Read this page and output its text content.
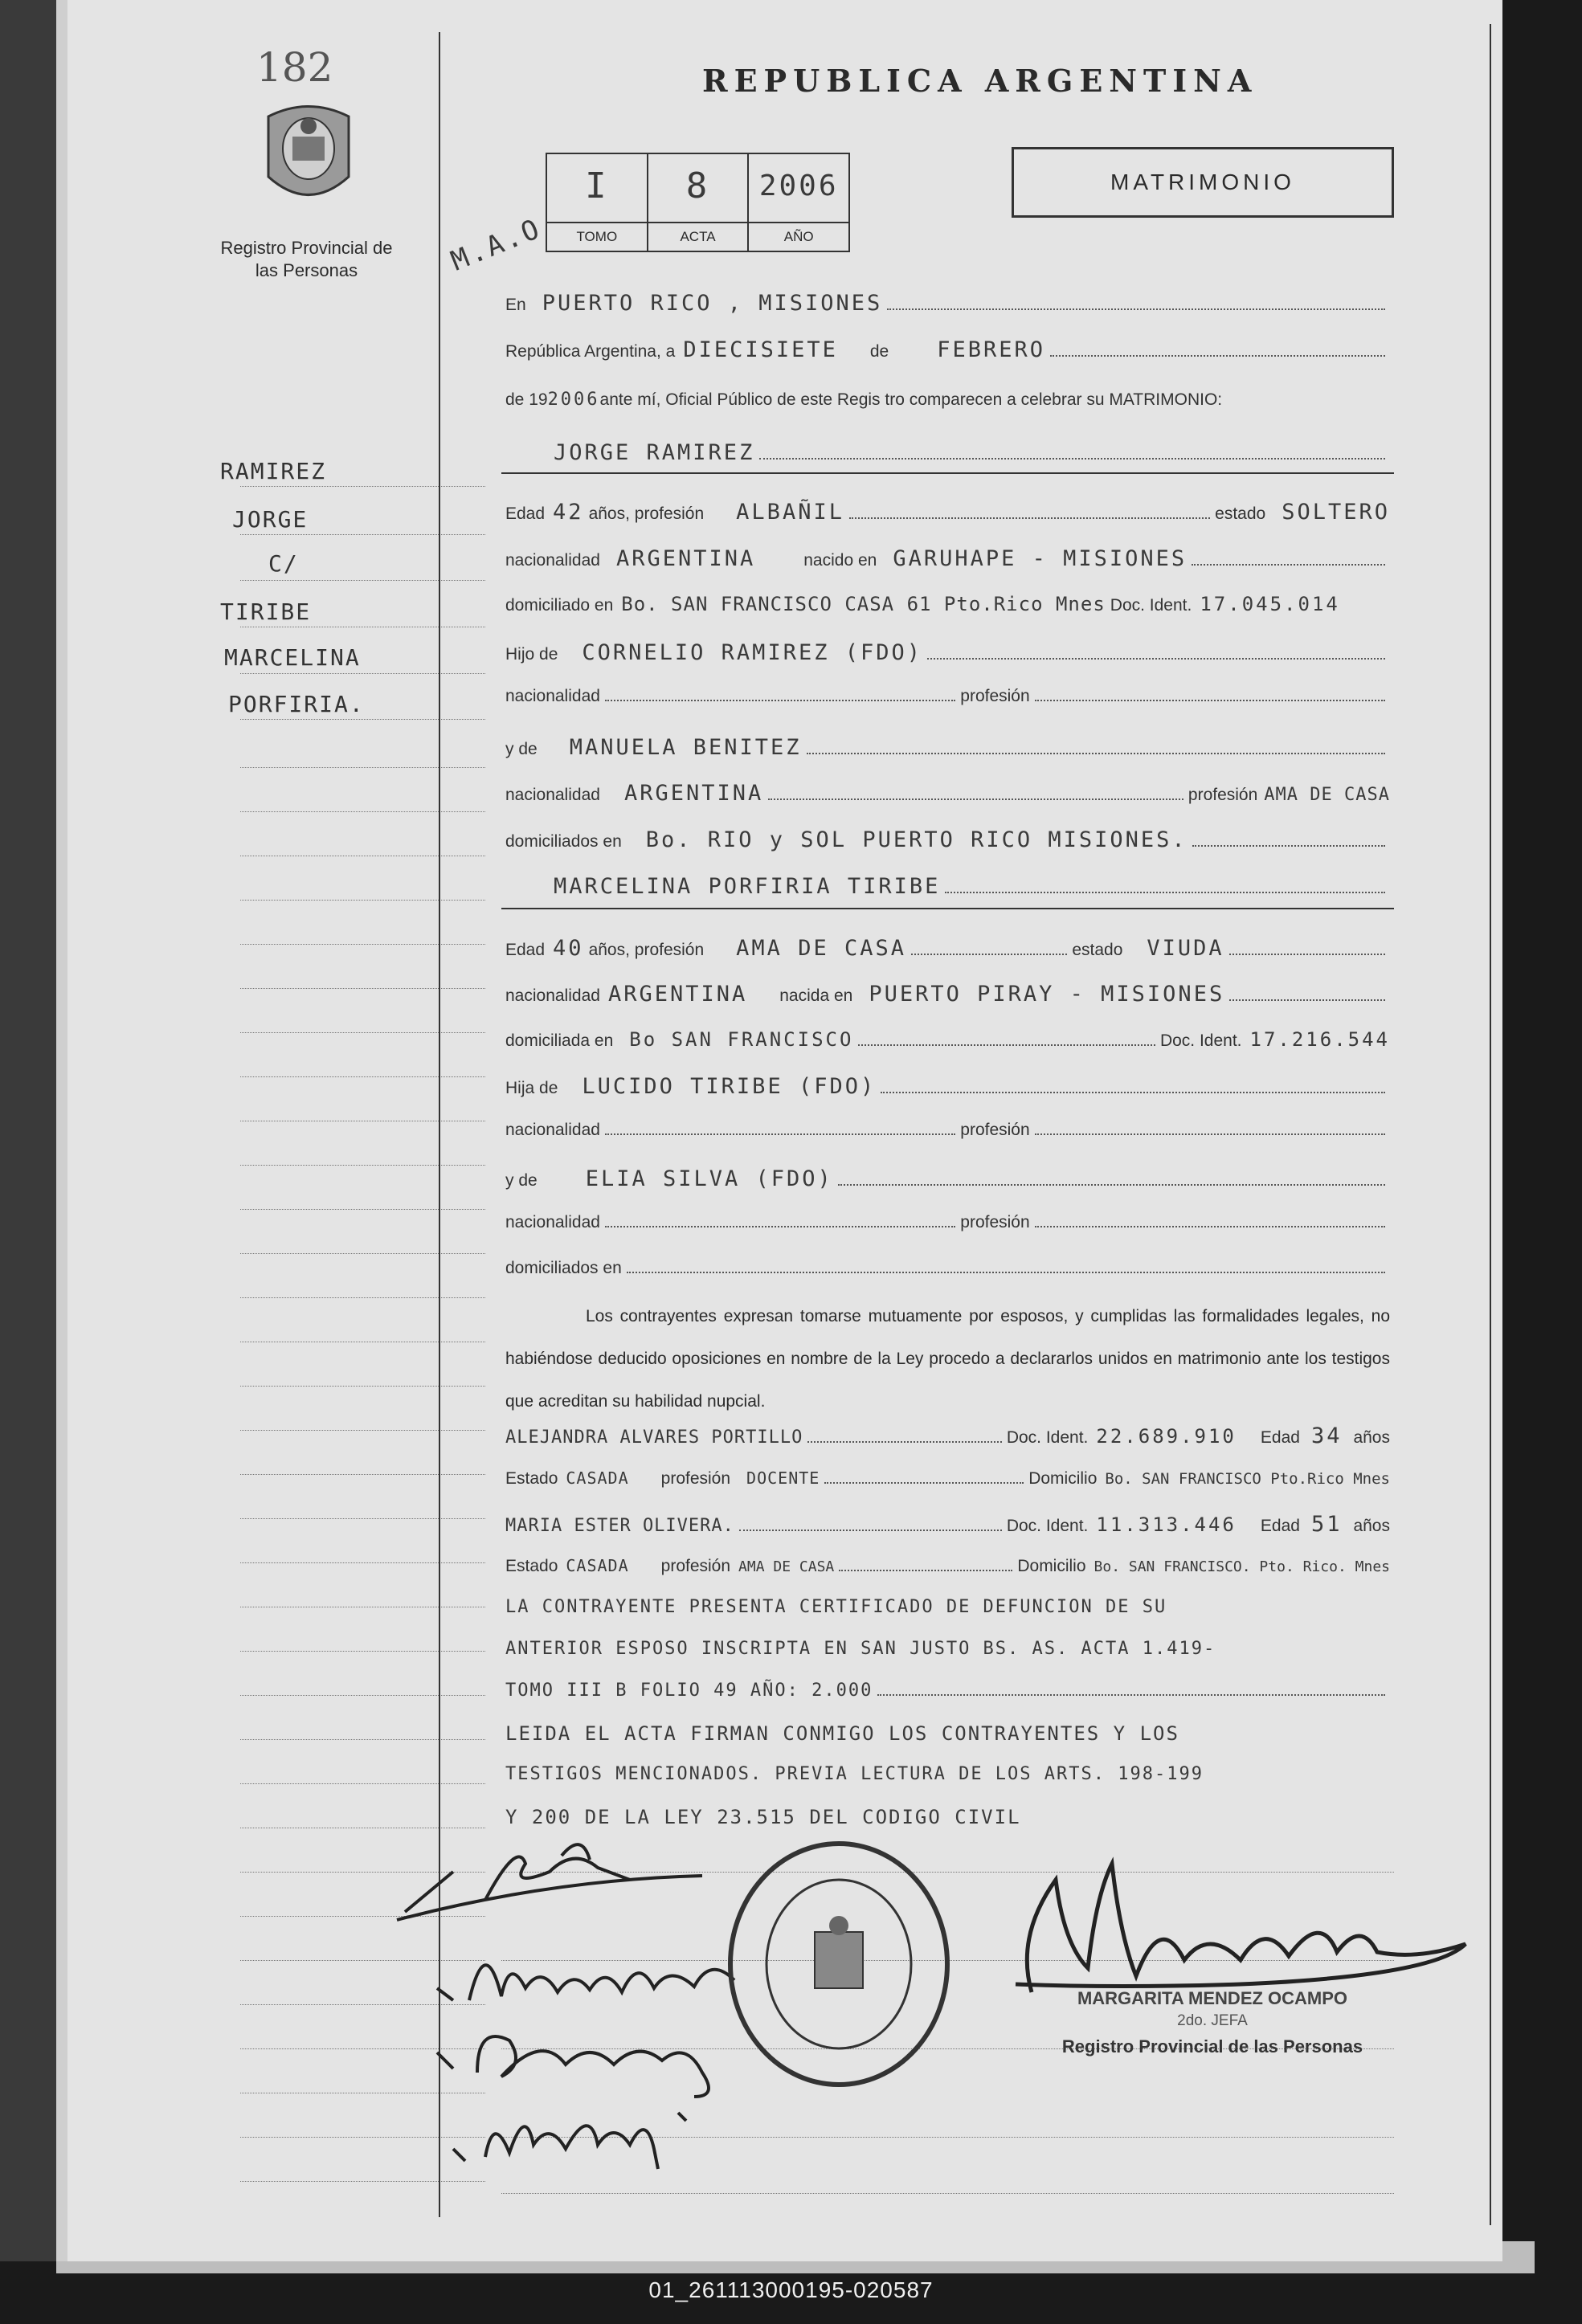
182
Registro Provincial de las Personas
RAMIREZ
JORGE
C/
TIRIBE
MARCELINA
PORFIRIA.
REPUBLICA ARGENTINA
MATRIMONIO
M.A.O
I
TOMO
8
ACTA
2006
AÑO
En PUERTO RICO , MISIONES
República Argentina, a DIECISIETE de FEBRERO
de 19 2006 ante mí, Oficial Público de este Regis tro comparecen a celebrar su MATRIMONIO:
JORGE RAMIREZ
Edad 42 años, profesión ALBAÑIL	estado SOLTERO
nacionalidad ARGENTINA	nacido en GARUHAPE - MISIONES
domiciliado en Bo. SAN FRANCISCO CASA 61 Pto.Rico Mnes Doc. Ident. 17.045.014
Hijo de CORNELIO RAMIREZ (FDO)
nacionalidad	profesión
y de MANUELA BENITEZ
nacionalidad ARGENTINA	profesión AMA DE CASA
domiciliados en Bo. RIO y SOL PUERTO RICO MISIONES.
MARCELINA PORFIRIA TIRIBE
Edad 40 años, profesión AMA DE CASA	estado VIUDA
nacionalidad ARGENTINA nacida en PUERTO PIRAY - MISIONES
domiciliada en Bo SAN FRANCISCO	Doc. Ident. 17.216.544
Hija de LUCIDO TIRIBE (FDO)
nacionalidad	profesión
y de ELIA SILVA (FDO)
nacionalidad	profesión
domiciliados en
Los contrayentes expresan tomarse mutuamente por esposos, y cumplidas las formalidades legales, no habiéndose deducido oposiciones en nombre de la Ley procedo a declararlos unidos en matrimonio ante los testigos que acreditan su habilidad nupcial.
ALEJANDRA ALVARES PORTILLO	Doc. Ident. 22.689.910 Edad 34 años
Estado CASADA profesión DOCENTE	Domicilio Bo. SAN FRANCISCO Pto.Rico Mnes
MARIA ESTER OLIVERA.	Doc. Ident. 11.313.446 Edad 51 años
Estado CASADA profesión AMA DE CASA	Domicilio Bo. SAN FRANCISCO. Pto. Rico. Mnes
LA CONTRAYENTE PRESENTA CERTIFICADO DE DEFUNCION DE SU
ANTERIOR ESPOSO INSCRIPTA EN SAN JUSTO BS. AS. ACTA 1.419-
TOMO III B FOLIO 49 AÑO: 2.000
LEIDA EL ACTA FIRMAN CONMIGO LOS CONTRAYENTES Y LOS
TESTIGOS MENCIONADOS. PREVIA LECTURA DE LOS ARTS. 198-199
Y 200 DE LA LEY 23.515 DEL CODIGO CIVIL
MARGARITA MENDEZ OCAMPO
2do. JEFA
Registro Provincial de las Personas
01_261113000195-020587
